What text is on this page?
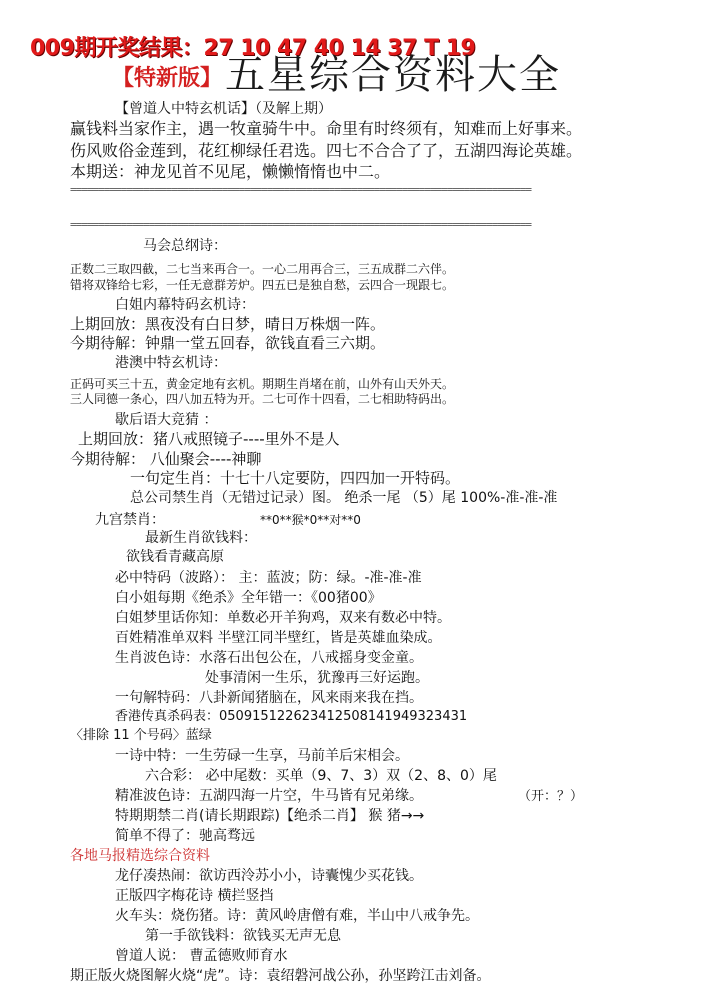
009期开奖结果：27 10 47 40 14 37 T 19
【特新版】 五星综合资料大全
【曾道人中特玄机话】（及解上期）
赢钱料当家作主，遇一牧童骑牛中。命里有时终须有，知难而上好事来。
伤风败俗金莲到，花红柳绿任君选。四七不合合了了，五湖四海论英雄。
本期送：神龙见首不见尾，懒懒惰惰也中二。
==================================================================================
==================================================================================
马会总纲诗：
正数二三取四截，二七当来再合一。一心二用再合三，三五成群二六伴。
错将双锋给七彩，一任无意群芳炉。四五已是独自愁，云四合一现跟七。
白姐内幕特码玄机诗：
上期回放：黑夜没有白日梦，晴日万株烟一阵。
今期待解：钟鼎一堂五回春，欲钱直看三六期。
港澳中特玄机诗：
正码可买三十五，黄金定地有玄机。期期生肖堵在前，山外有山天外天。
三人同德一条心，四八加五特为开。二七可作十四看，二七相助特码出。
歇后语大竞猜 ：
上期回放：猪八戒照镜子----里外不是人
今期待解： 八仙聚会----神聊
一句定生肖：十七十八定要防，四四加一开特码。
总公司禁生肖（无错过记录）图。 绝杀一尾 （5）尾 100%-准-准-准
九宫禁肖：	**0**猴*0**对**0
最新生肖欲钱料：
欲钱看青藏高原
必中特码（波路）： 主：蓝波；防：绿。-准-准-准
白小姐每期《绝杀》全年错一：《00猪00》
白姐梦里话你知：单数必开羊狗鸡，双来有数必中特。
百姓精准单双料 半壁江同半壁红，皆是英雄血染成。
生肖波色诗：水落石出包公在，八戒摇身变金童。
处事清闲一生乐，犹豫再三好运跑。
一句解特码：八卦新闻猪脑在，风来雨来我在挡。
香港传真杀码表：050915122623412508141949323431
〈排除 11 个号码〉蓝绿
一诗中特：一生劳碌一生享，马前羊后宋相会。
六合彩： 必中尾数：买单（9、7、3）双（2、8、0）尾
精准波色诗：五湖四海一片空，牛马皆有兄弟缘。	（开：？）
特期期禁二肖(请长期跟踪)【绝杀二肖】 猴 猪→→
简单不得了：驰高骛远
各地马报精选综合资料
龙仔凑热闹：欲访西泠苏小小，诗囊愧少买花钱。
正版四字梅花诗 横拦竖挡
火车头：烧伤猪。诗：黄风岭唐僧有难，半山中八戒争先。
第一手欲钱料：欲钱买无声无息
曾道人说： 曹孟德败师育水
期正版火烧图解火烧“虎”。诗：袁绍磐河战公孙，孙坚跨江击刘备。
